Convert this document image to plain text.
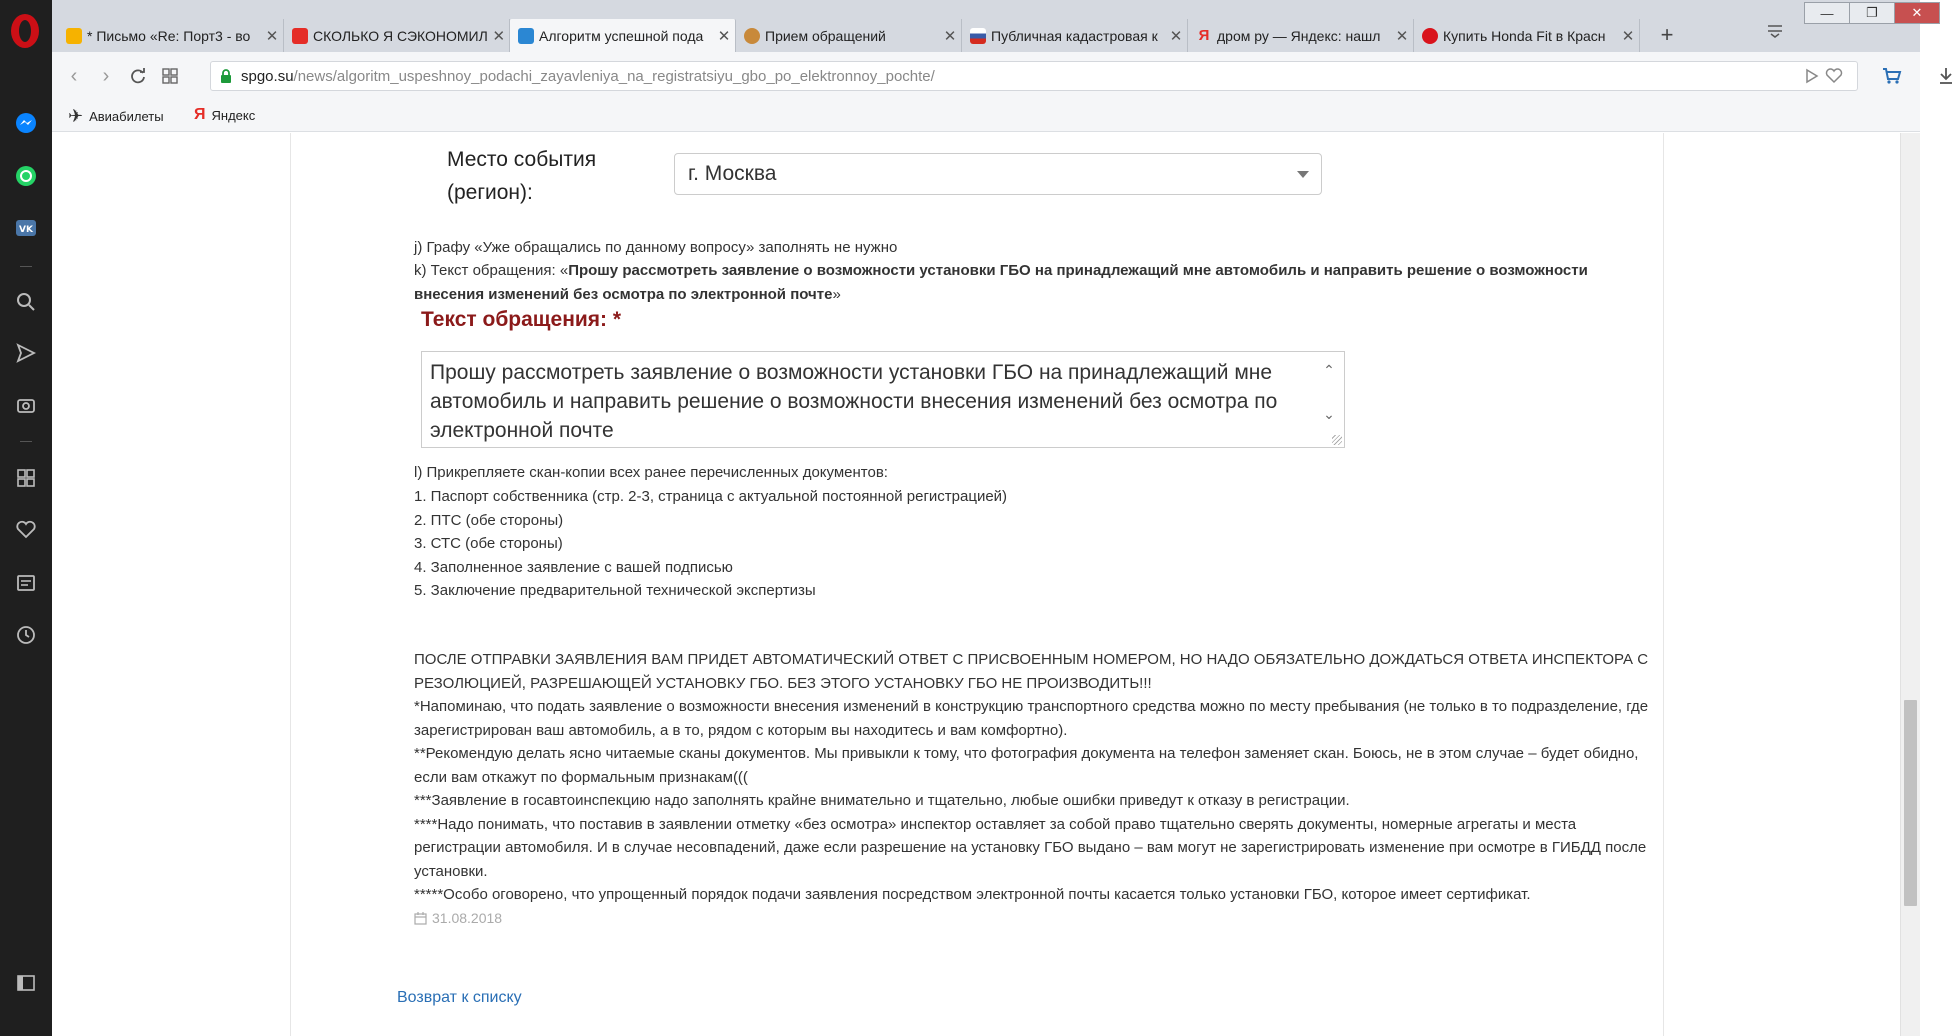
VK
* Письмо «Re: Порт3 - во	✕	СКОЛЬКО Я СЭКОНОМИЛ ✕	Алгоритм успешной пода ✕	Прием обращений	✕	Публичная кадастровая к ✕	Я дром ру — Яндекс: нашл	✕	Купить Honda Fit в Красн	✕ +
—	❐	✕
‹	›	spgo.su /news/algoritm_uspeshnoy_podachi_zayavleniya_na_registratsiyu_gbo_po_elektronnoy_pochte/
✈ Авиабилеты Я Яндекс
Место события
(регион):
г. Москва
j) Графу «Уже обращались по данному вопросу» заполнять не нужно
k) Текст обращения: «Прошу рассмотреть заявление о возможности установки ГБО на принадлежащий мне автомобиль и направить решение о возможности внесения изменений без осмотра по электронной почте»
Текст обращения: *
Прошу рассмотреть заявление о возможности установки ГБО на принадлежащий мне автомобиль и направить решение о возможности внесения изменений без осмотра по электронной почте
⌃
⌄
l) Прикрепляете скан-копии всех ранее перечисленных документов:
1. Паспорт собственника (стр. 2-3, страница с актуальной постоянной регистрацией)
2. ПТС (обе стороны)
3. СТС (обе стороны)
4. Заполненное заявление с вашей подписью
5. Заключение предварительной технической экспертизы
ПОСЛЕ ОТПРАВКИ ЗАЯВЛЕНИЯ ВАМ ПРИДЕТ АВТОМАТИЧЕСКИЙ ОТВЕТ С ПРИСВОЕННЫМ НОМЕРОМ, НО НАДО ОБЯЗАТЕЛЬНО ДОЖДАТЬСЯ ОТВЕТА ИНСПЕКТОРА С РЕЗОЛЮЦИЕЙ, РАЗРЕШАЮЩЕЙ УСТАНОВКУ ГБО. БЕЗ ЭТОГО УСТАНОВКУ ГБО НЕ ПРОИЗВОДИТЬ!!!
*Напоминаю, что подать заявление о возможности внесения изменений в конструкцию транспортного средства можно по месту пребывания (не только в то подразделение, где зарегистрирован ваш автомобиль, а в то, рядом с которым вы находитесь и вам комфортно).
**Рекомендую делать ясно читаемые сканы документов. Мы привыкли к тому, что фотография документа на телефон заменяет скан. Боюсь, не в этом случае – будет обидно, если вам откажут по формальным признакам(((
***Заявление в госавтоинспекцию надо заполнять крайне внимательно и тщательно, любые ошибки приведут к отказу в регистрации.
****Надо понимать, что поставив в заявлении отметку «без осмотра» инспектор оставляет за собой право тщательно сверять документы, номерные агрегаты и места регистрации автомобиля. И в случае несовпадений, даже если разрешение на установку ГБО выдано – вам могут не зарегистрировать изменение при осмотре в ГИБДД после установки.
*****Особо оговорено, что упрощенный порядок подачи заявления посредством электронной почты касается только установки ГБО, которое имеет сертификат.
31.08.2018
Возврат к списку
